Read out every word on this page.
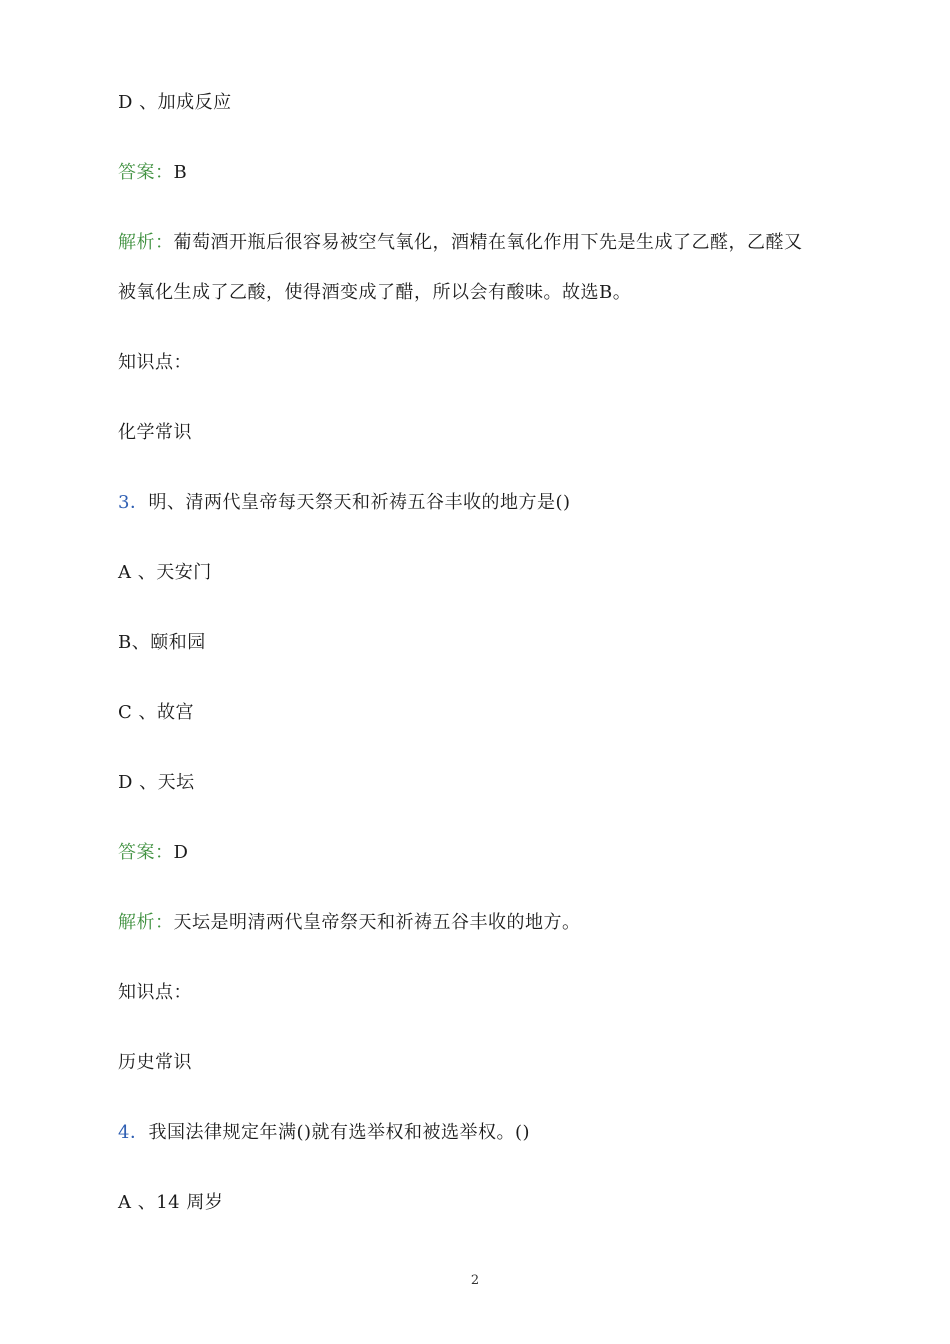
D 、加成反应
答案：B
解析：葡萄酒开瓶后很容易被空气氧化，酒精在氧化作用下先是生成了乙醛，乙醛又
被氧化生成了乙酸，使得酒变成了醋，所以会有酸味。故选B。
知识点：
化学常识
3．明、清两代皇帝每天祭天和祈祷五谷丰收的地方是()
A 、天安门
B、颐和园
C 、故宫
D 、天坛
答案：D
解析：天坛是明清两代皇帝祭天和祈祷五谷丰收的地方。
知识点：
历史常识
4．我国法律规定年满()就有选举权和被选举权。()
A 、14 周岁
2
